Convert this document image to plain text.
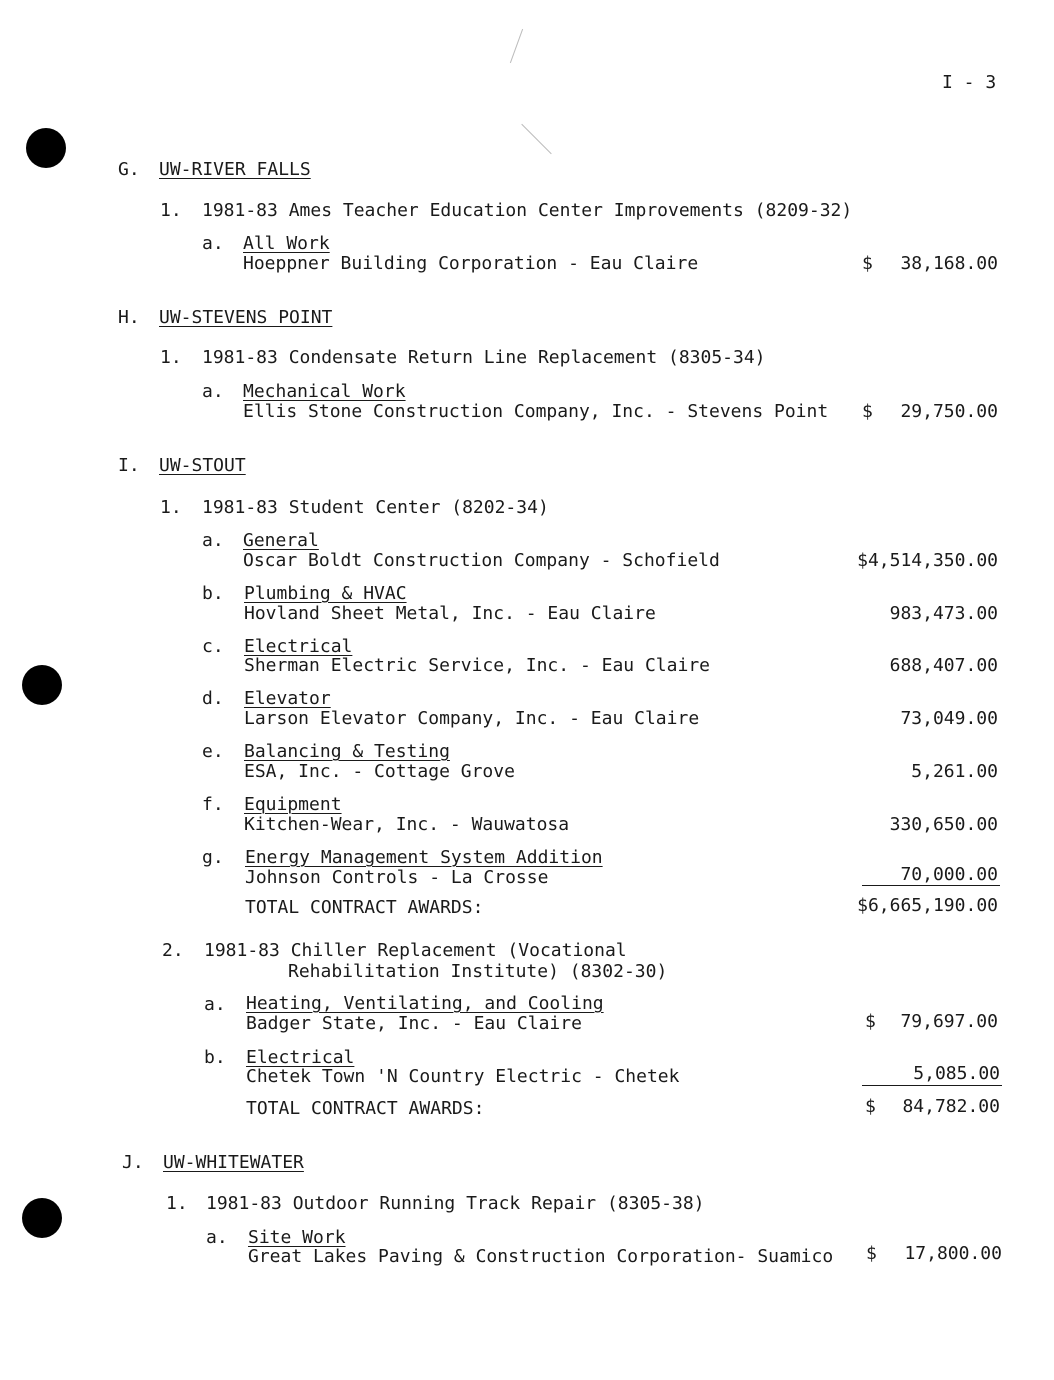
I - 3
G. UW-RIVER FALLS
1. 1981-83 Ames Teacher Education Center Improvements (8209-32)
a. All Work
Hoeppner Building Corporation - Eau Claire	$	38,168.00
H. UW-STEVENS POINT
1. 1981-83 Condensate Return Line Replacement (8305-34)
a. Mechanical Work
Ellis Stone Construction Company, Inc. - Stevens Point $	29,750.00
I. UW-STOUT
1. 1981-83 Student Center (8202-34)
a. General
Oscar Boldt Construction Company - Schofield	$4,514,350.00
b. Plumbing & HVAC
Hovland Sheet Metal, Inc. - Eau Claire	983,473.00
c. Electrical
Sherman Electric Service, Inc. - Eau Claire	688,407.00
d. Elevator
Larson Elevator Company, Inc. - Eau Claire	73,049.00
e. Balancing & Testing
ESA, Inc. - Cottage Grove	5,261.00
f. Equipment
Kitchen-Wear, Inc. - Wauwatosa	330,650.00
g. Energy Management System Addition
Johnson Controls - La Crosse	70,000.00
TOTAL CONTRACT AWARDS:	$6,665,190.00
2. 1981-83 Chiller Replacement (Vocational
Rehabilitation Institute) (8302-30)
a. Heating, Ventilating, and Cooling
Badger State, Inc. - Eau Claire	$	79,697.00
b. Electrical
Chetek Town 'N Country Electric - Chetek	5,085.00
TOTAL CONTRACT AWARDS:	$	84,782.00
J. UW-WHITEWATER
1. 1981-83 Outdoor Running Track Repair (8305-38)
a. Site Work
Great Lakes Paving & Construction Corporation- Suamico $	17,800.00
